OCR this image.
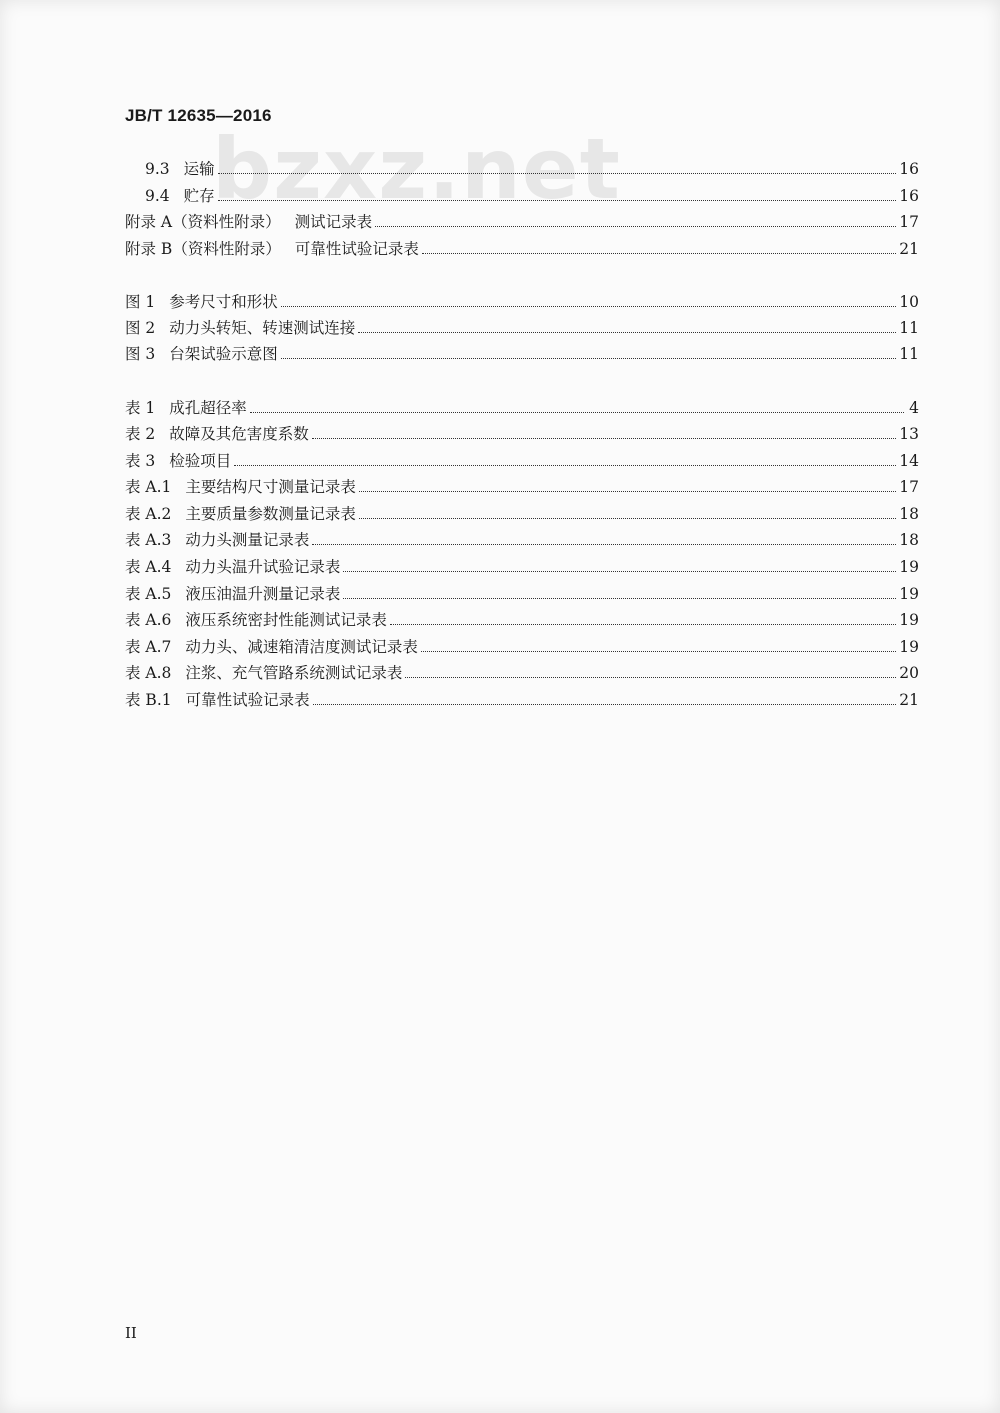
JB/T 12635—2016
bzxz.net
9.3 运输	16
9.4 贮存	16
附录 A（资料性附录） 测试记录表	17
附录 B（资料性附录） 可靠性试验记录表	21
图 1 参考尺寸和形状	10
图 2 动力头转矩、转速测试连接	11
图 3 台架试验示意图	11
表 1 成孔超径率	4
表 2 故障及其危害度系数	13
表 3 检验项目	14
表 A.1 主要结构尺寸测量记录表	17
表 A.2 主要质量参数测量记录表	18
表 A.3 动力头测量记录表	18
表 A.4 动力头温升试验记录表	19
表 A.5 液压油温升测量记录表	19
表 A.6 液压系统密封性能测试记录表	19
表 A.7 动力头、减速箱清洁度测试记录表	19
表 A.8 注浆、充气管路系统测试记录表	20
表 B.1 可靠性试验记录表	21
II
